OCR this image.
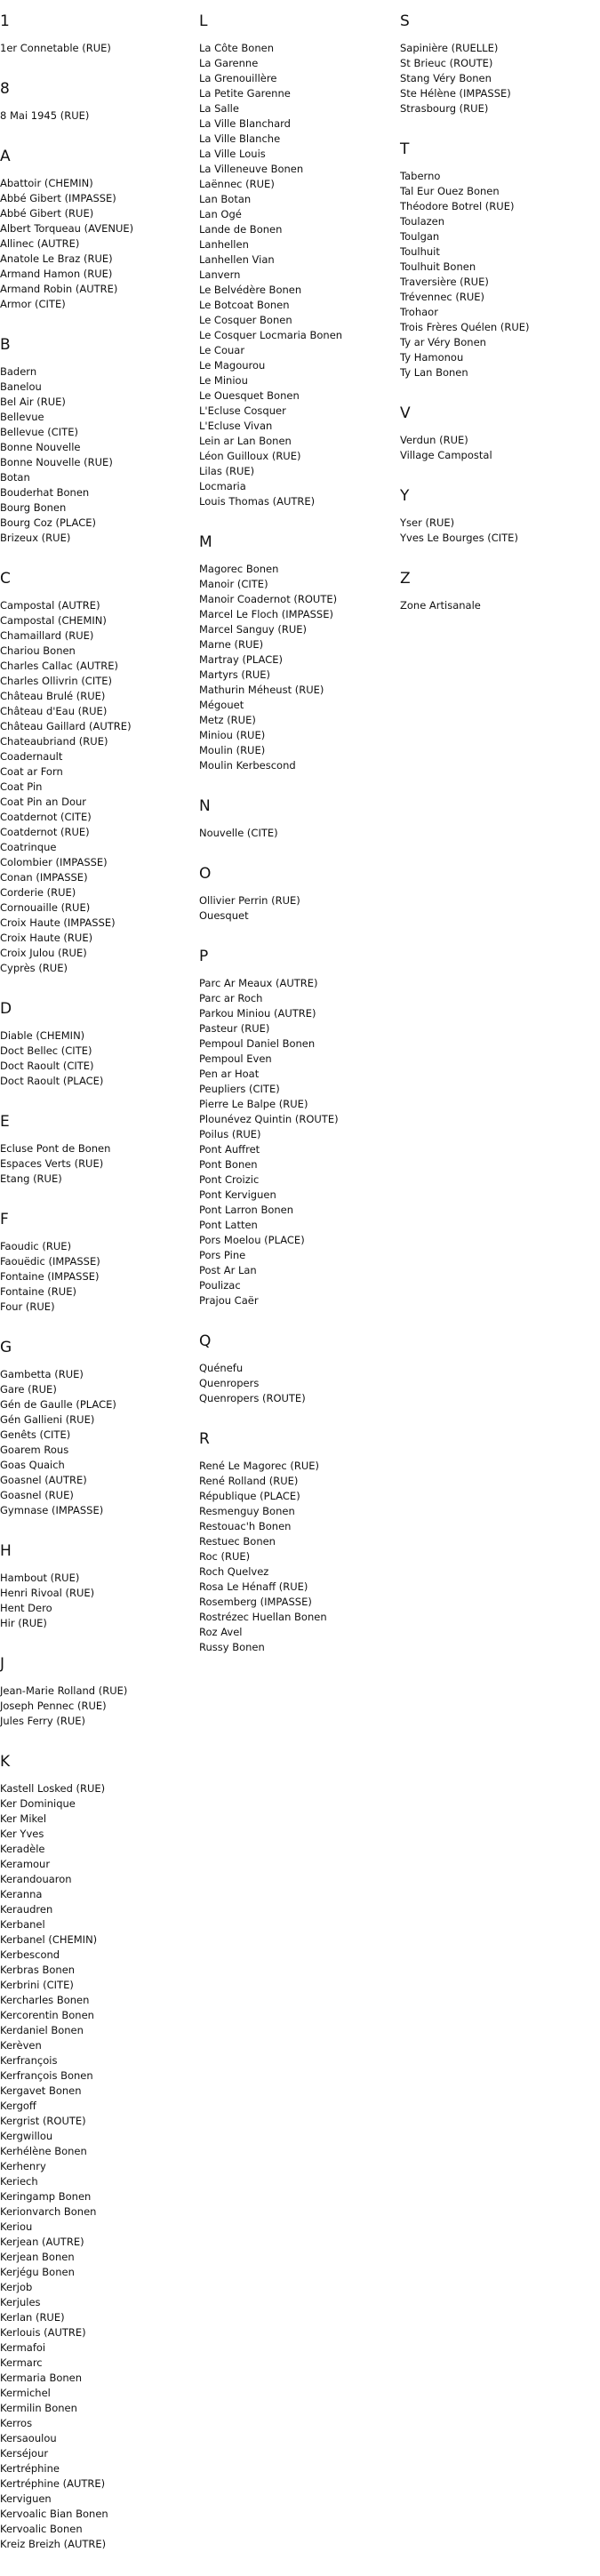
1
1er Connetable (RUE)
8
8 Mai 1945 (RUE)
A
Abattoir (CHEMIN)
Abbé Gibert (IMPASSE)
Abbé Gibert (RUE)
Albert Torqueau (AVENUE)
Allinec (AUTRE)
Anatole Le Braz (RUE)
Armand Hamon (RUE)
Armand Robin (AUTRE)
Armor (CITE)
B
Badern
Banelou
Bel Air (RUE)
Bellevue
Bellevue (CITE)
Bonne Nouvelle
Bonne Nouvelle (RUE)
Botan
Bouderhat Bonen
Bourg Bonen
Bourg Coz (PLACE)
Brizeux (RUE)
C
Campostal (AUTRE)
Campostal (CHEMIN)
Chamaillard (RUE)
Chariou Bonen
Charles Callac (AUTRE)
Charles Ollivrin (CITE)
Château Brulé (RUE)
Château d'Eau (RUE)
Château Gaillard (AUTRE)
Chateaubriand (RUE)
Coadernault
Coat ar Forn
Coat Pin
Coat Pin an Dour
Coatdernot (CITE)
Coatdernot (RUE)
Coatrinque
Colombier (IMPASSE)
Conan (IMPASSE)
Corderie (RUE)
Cornouaille (RUE)
Croix Haute (IMPASSE)
Croix Haute (RUE)
Croix Julou (RUE)
Cyprès (RUE)
D
Diable (CHEMIN)
Doct Bellec (CITE)
Doct Raoult (CITE)
Doct Raoult (PLACE)
E
Ecluse Pont de Bonen
Espaces Verts (RUE)
Etang (RUE)
F
Faoudic (RUE)
Faouëdic (IMPASSE)
Fontaine (IMPASSE)
Fontaine (RUE)
Four (RUE)
G
Gambetta (RUE)
Gare (RUE)
Gén de Gaulle (PLACE)
Gén Gallieni (RUE)
Genêts (CITE)
Goarem Rous
Goas Quaich
Goasnel (AUTRE)
Goasnel (RUE)
Gymnase (IMPASSE)
H
Hambout (RUE)
Henri Rivoal (RUE)
Hent Dero
Hir (RUE)
J
Jean-Marie Rolland (RUE)
Joseph Pennec (RUE)
Jules Ferry (RUE)
K
Kastell Losked (RUE)
Ker Dominique
Ker Mikel
Ker Yves
Keradèle
Keramour
Kerandouaron
Keranna
Keraudren
Kerbanel
Kerbanel (CHEMIN)
Kerbescond
Kerbras Bonen
Kerbrini (CITE)
Kercharles Bonen
Kercorentin Bonen
Kerdaniel Bonen
Kerèven
Kerfrançois
Kerfrançois Bonen
Kergavet Bonen
Kergoff
Kergrist (ROUTE)
Kergwillou
Kerhélène Bonen
Kerhenry
Keriech
Keringamp Bonen
Kerionvarch Bonen
Keriou
Kerjean (AUTRE)
Kerjean Bonen
Kerjégu Bonen
Kerjob
Kerjules
Kerlan (RUE)
Kerlouis (AUTRE)
Kermafoi
Kermarc
Kermaria Bonen
Kermichel
Kermilin Bonen
Kerros
Kersaoulou
Kerséjour
Kertréphine
Kertréphine (AUTRE)
Kerviguen
Kervoalic Bian Bonen
Kervoalic Bonen
Kreiz Breizh (AUTRE)
L
La Côte Bonen
La Garenne
La Grenouillère
La Petite Garenne
La Salle
La Ville Blanchard
La Ville Blanche
La Ville Louis
La Villeneuve Bonen
Laënnec (RUE)
Lan Botan
Lan Ogé
Lande de Bonen
Lanhellen
Lanhellen Vian
Lanvern
Le Belvédère Bonen
Le Botcoat Bonen
Le Cosquer Bonen
Le Cosquer Locmaria Bonen
Le Couar
Le Magourou
Le Miniou
Le Ouesquet Bonen
L'Ecluse Cosquer
L'Ecluse Vivan
Lein ar Lan Bonen
Léon Guilloux (RUE)
Lilas (RUE)
Locmaria
Louis Thomas (AUTRE)
M
Magorec Bonen
Manoir (CITE)
Manoir Coadernot (ROUTE)
Marcel Le Floch (IMPASSE)
Marcel Sanguy (RUE)
Marne (RUE)
Martray (PLACE)
Martyrs (RUE)
Mathurin Méheust (RUE)
Mégouet
Metz (RUE)
Miniou (RUE)
Moulin (RUE)
Moulin Kerbescond
N
Nouvelle (CITE)
O
Ollivier Perrin (RUE)
Ouesquet
P
Parc Ar Meaux (AUTRE)
Parc ar Roch
Parkou Miniou (AUTRE)
Pasteur (RUE)
Pempoul Daniel Bonen
Pempoul Even
Pen ar Hoat
Peupliers (CITE)
Pierre Le Balpe (RUE)
Plounévez Quintin (ROUTE)
Poilus (RUE)
Pont Auffret
Pont Bonen
Pont Croizic
Pont Kerviguen
Pont Larron Bonen
Pont Latten
Pors Moelou (PLACE)
Pors Pine
Post Ar Lan
Poulizac
Prajou Caër
Q
Quénefu
Quenropers
Quenropers (ROUTE)
R
René Le Magorec (RUE)
René Rolland (RUE)
République (PLACE)
Resmenguy Bonen
Restouac'h Bonen
Restuec Bonen
Roc (RUE)
Roch Quelvez
Rosa Le Hénaff (RUE)
Rosemberg (IMPASSE)
Rostrézec Huellan Bonen
Roz Avel
Russy Bonen
S
Sapinière (RUELLE)
St Brieuc (ROUTE)
Stang Véry Bonen
Ste Hélène (IMPASSE)
Strasbourg (RUE)
T
Taberno
Tal Eur Ouez Bonen
Théodore Botrel (RUE)
Toulazen
Toulgan
Toulhuit
Toulhuit Bonen
Traversière (RUE)
Trévennec (RUE)
Trohaor
Trois Frères Quélen (RUE)
Ty ar Véry Bonen
Ty Hamonou
Ty Lan Bonen
V
Verdun (RUE)
Village Campostal
Y
Yser (RUE)
Yves Le Bourges (CITE)
Z
Zone Artisanale
